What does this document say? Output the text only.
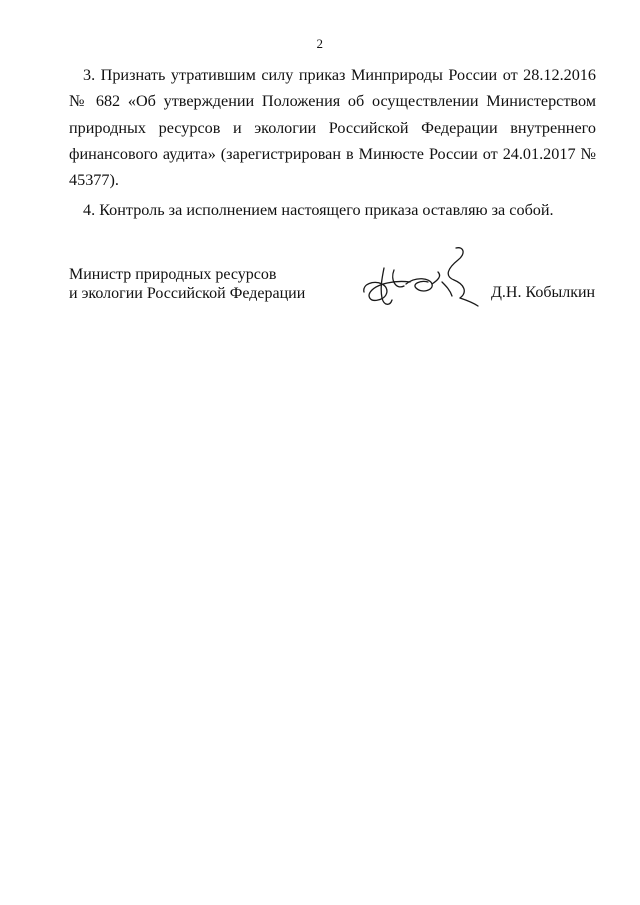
2

3. Признать утратившим силу приказ Минприроды России от 28.12.2016 № 682 «Об утверждении Положения об осуществлении Министерством природных ресурсов и экологии Российской Федерации внутреннего финансового аудита» (зарегистрирован в Минюсте России от 24.01.2017 № 45377).

4. Контроль за исполнением настоящего приказа оставляю за собой.

Министр природных ресурсов
и экологии Российской Федерации	Д.Н. Кобылкин
